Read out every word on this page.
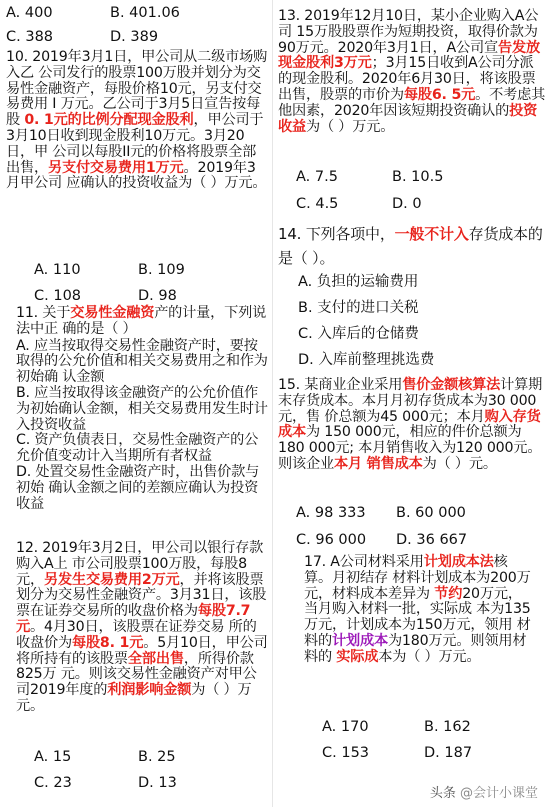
A. 400	B. 401.06
C. 388	D. 389

10. 2019年3月1日，甲公司从二级市场购入乙 公司发行的股票100万股并划分为交易性金融资产，每股价格10元，另支付交易费用 I 万元。乙公司于3月5日宣告按每股 0. 1元的比例分配现金股利，甲公司于3月10日收到现金股利10万元。3月20日，甲 公司以每股II元的价格将股票全部出售，另支付交易费用1万元。2019年3月甲公司 应确认的投资收益为（ ）万元。

A. 110	B. 109
C. 108	D. 98

11. 关于交易性金融资产的计量，下列说法中正 确的是（ ）

A. 应当按取得交易性金融资产时，要按取得的公允价值和相关交易费用之和作为初始确 认金额

B. 应当按取得该金融资产的公允价值作为初始确认金额，相关交易费用发生时计 入投资收益

C. 资产负债表日，交易性金融资产的公允价值变动计入当期所有者权益

D. 处置交易性金融资产时，出售价款与初始 确认金额之间的差额应确认为投资收益

12. 2019年3月2日，甲公司以银行存款购入A上 市公司股票100万股，每股8元，另发生交易费用2万元，并将该股票划分为交易性金融资产。3月31日，该股票在证券交易所的收盘价格为每股7.7元。4月30日，该股票在证券交易 所的收盘价为每股8. 1元。5月10日，甲公司 将所持有的该股票全部出售，所得价款825万 元。则该交易性金融资产对甲公司2019年度的利润影响金额为（ ）万元。

A. 15	B. 25
C. 23	D. 13

13. 2019年12月10日，某小企业购入A公司 15万股股票作为短期投资，取得价款为 90万元。2020年3月1日，A公司宣告发放 现金股利3万元；3月15日收到A公司分派 的现金股利。2020年6月30日，将该股票 出售，股票的市价为每股6. 5元。不考虑其 他因素，2020年因该短期投资确认的投资收益为（ ）万元。

A. 7.5	B. 10.5
C. 4.5	D. 0

14. 下列各项中，一般不计入存货成本的是（ ）。

A. 负担的运输费用

B. 支付的进口关税

C. 入库后的仓储费

D. 入库前整理挑选费

15. 某商业企业采用售价金额核算法计算期末存货成本。本月月初存货成本为30 000元，售 价总额为45 000元；本月购入存货成本为 150 000元，相应的件价总额为180 000元; 本月销售收入为120 000元。则该企业本月 销售成本为（ ）元。

A. 98 333	B. 60 000
C. 96 000	D. 36 667

17. A公司材料采用计划成本法核算。月初结存 材料计划成本为200万元，材料成本差异为 节约20万元，当月购入材料一批，实际成 本为135万元，计划成本为150万元，领用 材料的计划成本为180万元。则领用材料的 实际成本为（ ）万元。

A. 170	B. 162
C. 153	D. 187
头条 @会计小课堂
